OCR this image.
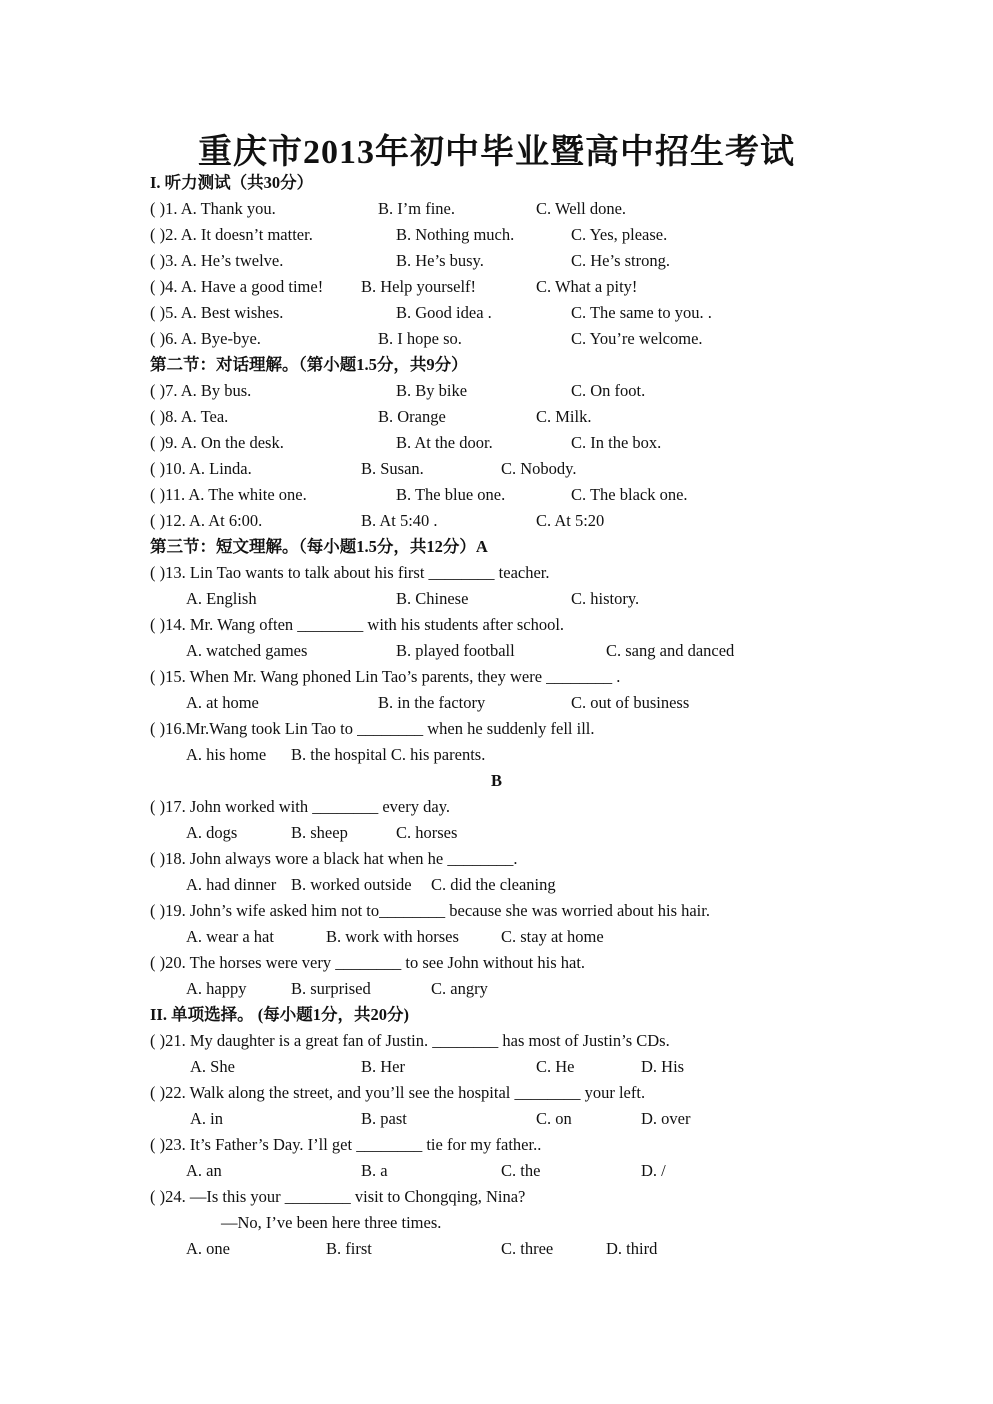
重庆市2013年初中毕业暨高中招生考试
I. 听力测试（共30分）
( )1. A. Thank you.	B. I’m fine.	C. Well done.
( )2. A. It doesn’t matter.	B. Nothing much.	C. Yes, please.
( )3. A. He’s twelve.	B. He’s busy.	C. He’s strong.
( )4. A. Have a good time! B. Help yourself!	C. What a pity!
( )5. A. Best wishes.	B. Good idea .	C. The same to you. .
( )6. A. Bye-bye.	B. I hope so.	C. You’re welcome.
第二节：对话理解。（第小题1.5分，共9分）
( )7. A. By bus.	B. By bike	C. On foot.
( )8. A. Tea.	B. Orange	C. Milk.
( )9. A. On the desk.	B. At the door.	C. In the box.
( )10. A. Linda.	B. Susan.	C. Nobody.
( )11. A. The white one.	B. The blue one.	C. The black one.
( )12. A. At 6:00.	B. At 5:40 .	C. At 5:20
第三节：短文理解。（每小题1.5分，共12分）A
( )13. Lin Tao wants to talk about his first ________ teacher.
A. English	B. Chinese	C. history.
( )14. Mr. Wang often ________ with his students after school.
A. watched games	B. played football	C. sang and danced
( )15. When Mr. Wang phoned Lin Tao’s parents, they were ________ .
A. at home	B. in the factory	C. out of business
( )16.Mr.Wang took Lin Tao to ________ when he suddenly fell ill.
A. his home B. the hospital C. his parents.
B
( )17. John worked with ________ every day.
A. dogs	B. sheep	C. horses
( )18. John always wore a black hat when he ________.
A. had dinner B. worked outside C. did the cleaning
( )19. John’s wife asked him not to________ because she was worried about his hair.
A. wear a hat	B. work with horses	C. stay at home
( )20. The horses were very ________ to see John without his hat.
A. happy	B. surprised	C. angry
II. 单项选择。 (每小题1分，共20分)
( )21. My daughter is a great fan of Justin. ________ has most of Justin’s CDs.
A. She	B. Her	C. He	D. His
( )22. Walk along the street, and you’ll see the hospital ________ your left.
A. in	B. past	C. on	D. over
( )23. It’s Father’s Day. I’ll get ________ tie for my father..
A. an	B. a	C. the	D. /
( )24. —Is this your ________ visit to Chongqing, Nina?
—No, I’ve been here three times.
A. one	B. first	C. three	D. third
